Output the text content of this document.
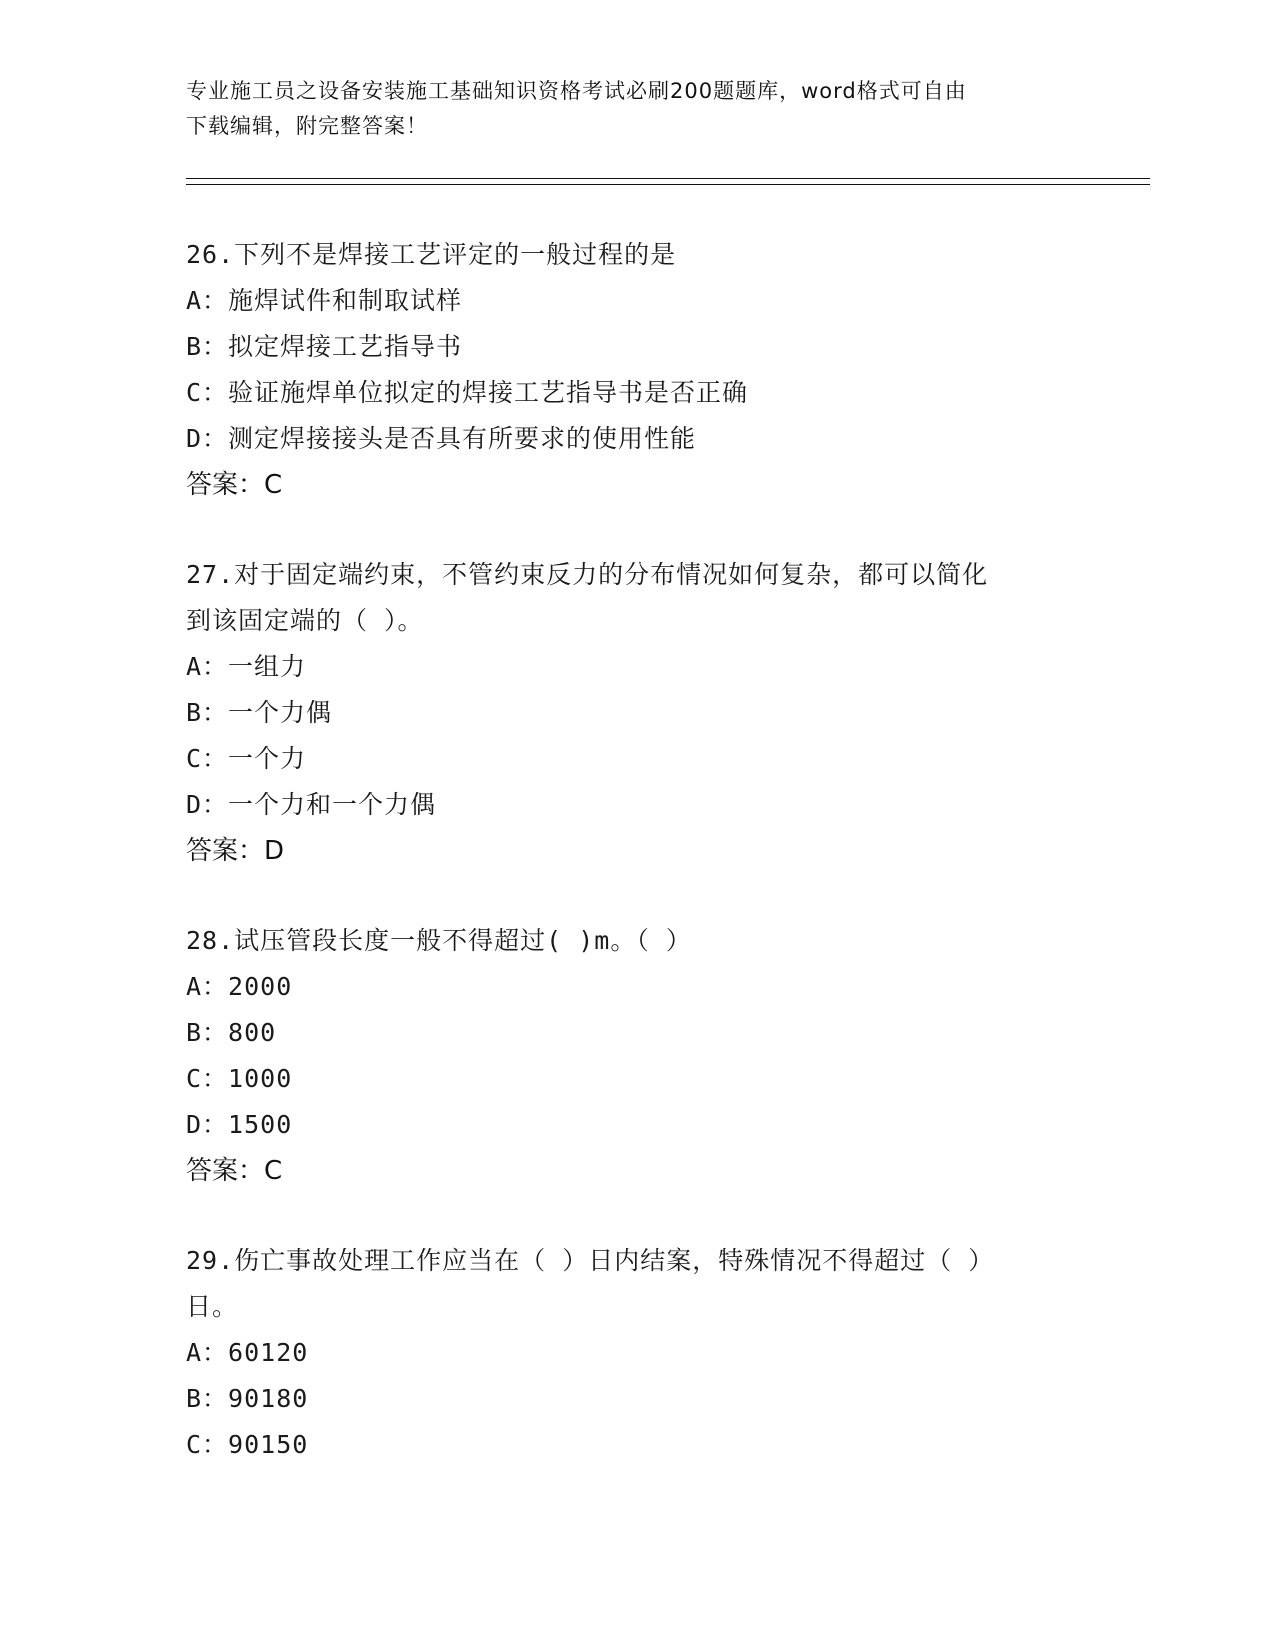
专业施工员之设备安装施工基础知识资格考试必刷200题题库，word格式可自由
下载编辑，附完整答案！

26.下列不是焊接工艺评定的一般过程的是

A：施焊试件和制取试样

B：拟定焊接工艺指导书

C：验证施焊单位拟定的焊接工艺指导书是否正确

D：测定焊接接头是否具有所要求的使用性能

答案：C

27.对于固定端约束，不管约束反力的分布情况如何复杂，都可以简化

到该固定端的（ ）。

A：一组力

B：一个力偶

C：一个力

D：一个力和一个力偶

答案：D

28.试压管段长度一般不得超过( )m。（ ）

A：2000

B：800

C：1000

D：1500

答案：C

29.伤亡事故处理工作应当在（ ）日内结案，特殊情况不得超过（ ）

日。

A：60120

B：90180

C：90150
